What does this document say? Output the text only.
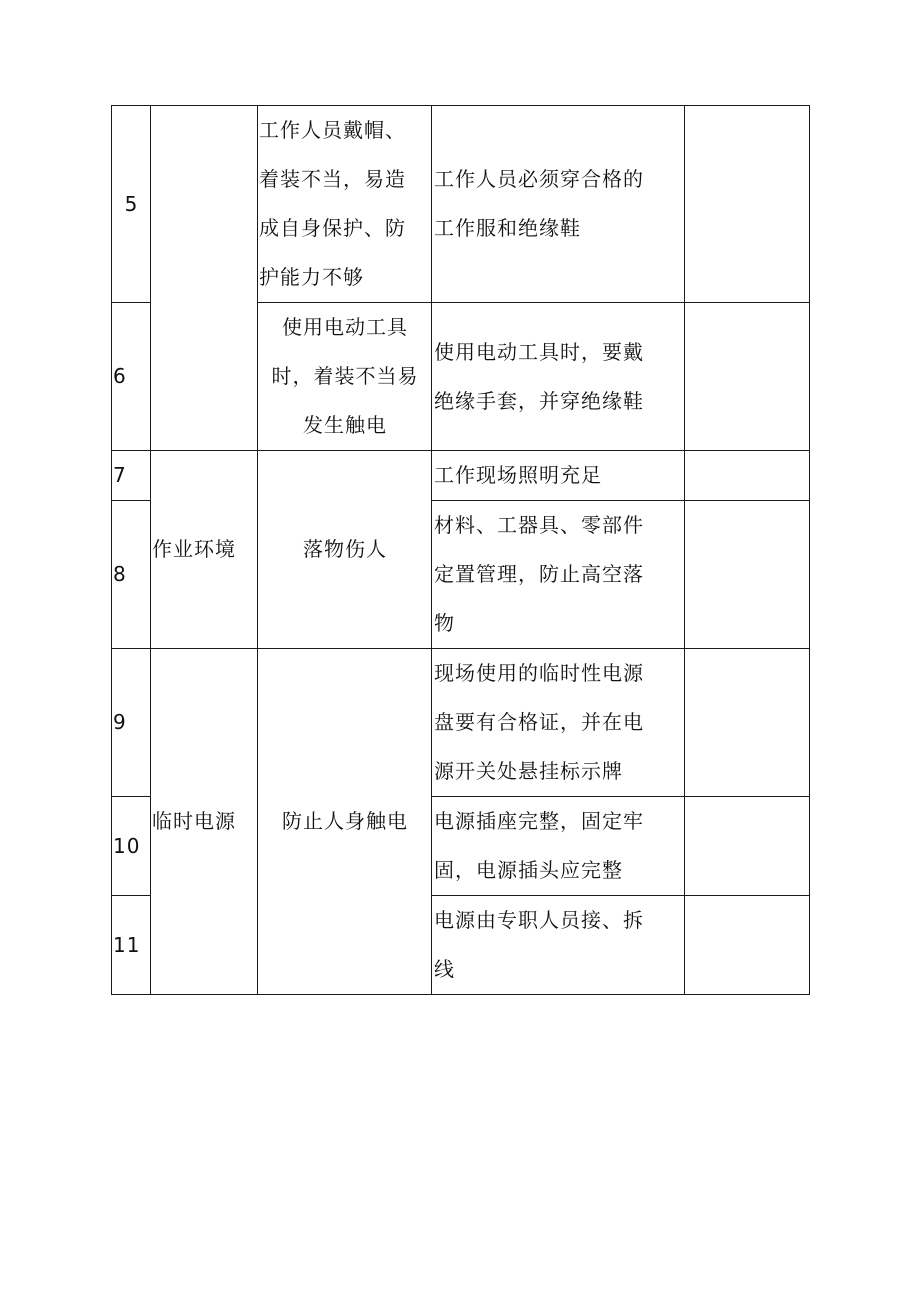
5		工作人员戴帽、
着装不当，易造
成自身保护、防
护能力不够	工作人员必须穿合格的
工作服和绝缘鞋	

6		使用电动工具
时，着装不当易
发生触电	使用电动工具时，要戴
绝缘手套，并穿绝缘鞋	

7	作业环境	落物伤人	工作现场照明充足	

8			材料、工器具、零部件
定置管理，防止高空落
物	

9	临时电源	防止人身触电	现场使用的临时性电源
盘要有合格证，并在电
源开关处悬挂标示牌	

10			电源插座完整，固定牢
固，电源插头应完整	

11			电源由专职人员接、拆
线	
